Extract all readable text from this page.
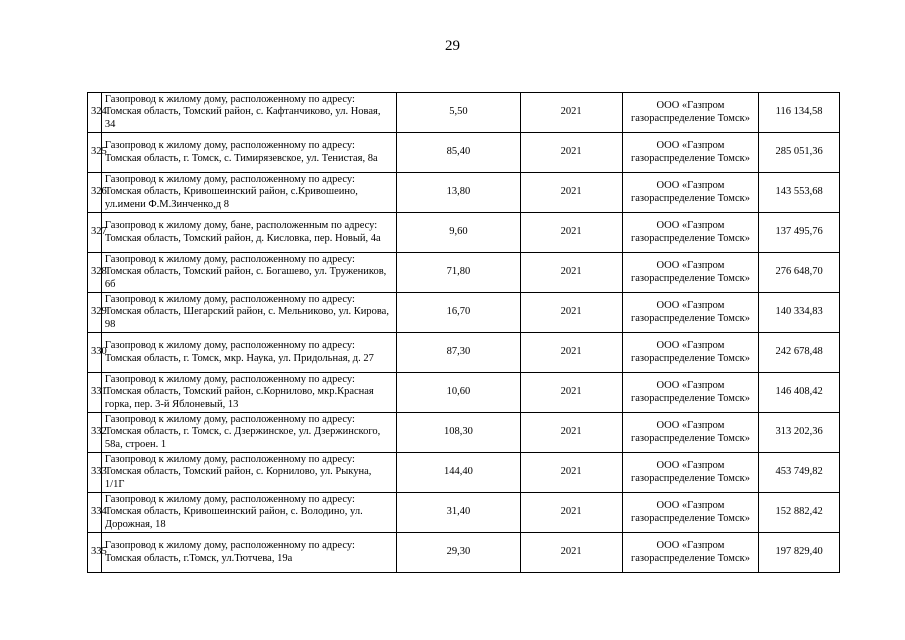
29
324	Газопровод к жилому дому, расположенному по адресу: Томская область, Томский район, с. Кафтанчиково, ул. Новая, 34	5,50	2021	ООО «Газпром газораспределение Томск»	116 134,58
325	Газопровод к жилому дому, расположенному по адресу: Томская область, г. Томск, с. Тимирязевское, ул. Тенистая, 8а	85,40	2021	ООО «Газпром газораспределение Томск»	285 051,36
326	Газопровод к жилому дому, расположенному по адресу: Томская область, Кривошеинский район, с.Кривошеино, ул.имени Ф.М.Зинченко,д 8	13,80	2021	ООО «Газпром газораспределение Томск»	143 553,68
327	Газопровод к жилому дому, бане, расположенным по адресу: Томская область, Томский район, д. Кисловка, пер. Новый, 4а	9,60	2021	ООО «Газпром газораспределение Томск»	137 495,76
328	Газопровод к жилому дому, расположенному по адресу: Томская область, Томский район, с. Богашево, ул. Тружеников, 6б	71,80	2021	ООО «Газпром газораспределение Томск»	276 648,70
329	Газопровод к жилому дому, расположенному по адресу: Томская область, Шегарский район, с. Мельниково, ул. Кирова, 98	16,70	2021	ООО «Газпром газораспределение Томск»	140 334,83
330	Газопровод к жилому дому, расположенному по адресу: Томская область, г. Томск, мкр. Наука, ул. Придольная, д. 27	87,30	2021	ООО «Газпром газораспределение Томск»	242 678,48
331	Газопровод к жилому дому, расположенному по адресу: Томская область, Томский район, с.Корнилово, мкр.Красная горка, пер. 3-й Яблоневый, 13	10,60	2021	ООО «Газпром газораспределение Томск»	146 408,42
332	Газопровод к жилому дому, расположенному по адресу: Томская область, г. Томск, с. Дзержинское, ул. Дзержинского, 58а, строен. 1	108,30	2021	ООО «Газпром газораспределение Томск»	313 202,36
333	Газопровод к жилому дому, расположенному по адресу: Томская область, Томский район, с. Корнилово, ул. Рыкуна, 1/1Г	144,40	2021	ООО «Газпром газораспределение Томск»	453 749,82
334	Газопровод к жилому дому, расположенному по адресу: Томская область, Кривошеинский район, с. Володино, ул. Дорожная, 18	31,40	2021	ООО «Газпром газораспределение Томск»	152 882,42
335	Газопровод к жилому дому, расположенному по адресу: Томская область, г.Томск, ул.Тютчева, 19а	29,30	2021	ООО «Газпром газораспределение Томск»	197 829,40
